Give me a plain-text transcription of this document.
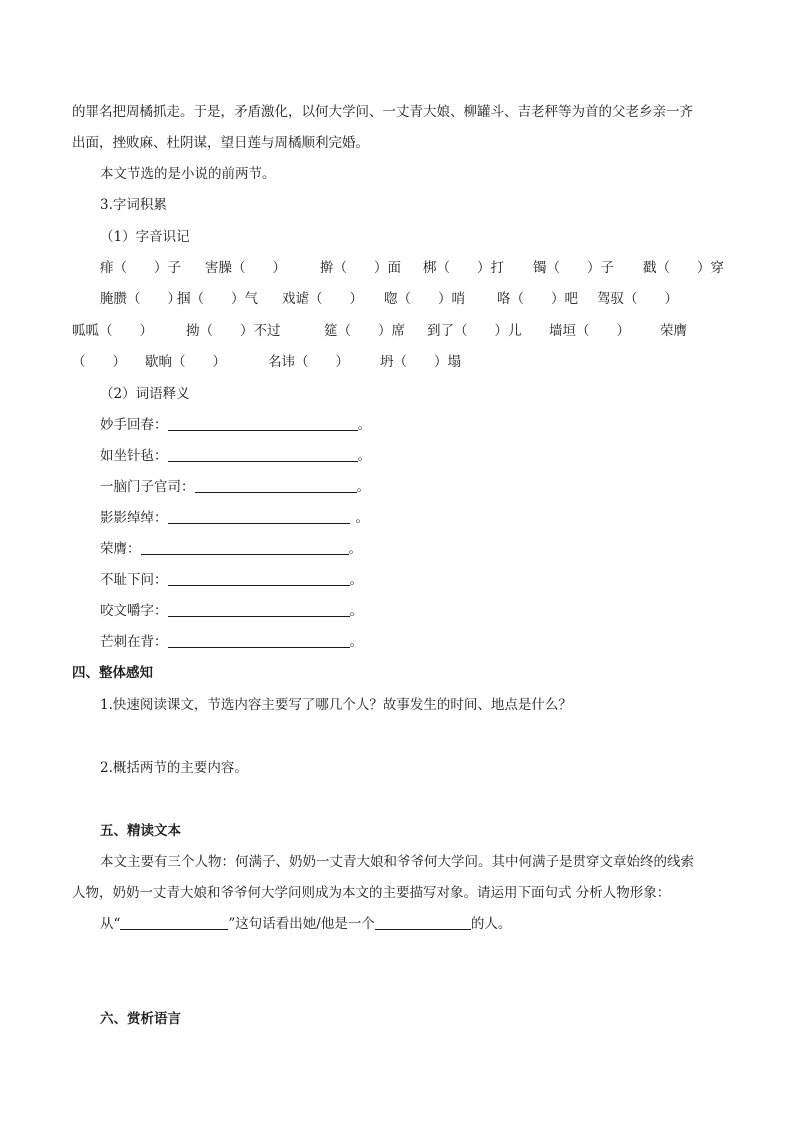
的罪名把周橘抓走。于是，矛盾激化，以何大学问、一丈青大娘、柳罐斗、吉老秤等为首的父老乡亲一齐
出面，挫败麻、杜阴谋，望日莲与周橘顺利完婚。
本文节选的是小说的前两节。
3.字词积累
（1）字音识记
痱（　　）子 害臊（　　）	擀（　　）面 梆（　　）打 镯（　　）子 戳（　　）穿
腌臜（　　）
掴（　　）气 戏谑（　　） 唿（　　）哨 咯（　　）吧 驾驭（　　）
呱呱（　　） 拗（　　）不过	筵（　　）席 到了（　　）儿 墙垣（　　） 荣膺
（　　） 歇晌（　　）	名讳（　　） 坍（　　）塌
（2）词语释义
妙手回春：	。
如坐针毡：	。
一脑门子官司：	。
影影绰绰：	。
荣膺：	。
不耻下问：	。
咬文嚼字：	。
芒刺在背：	。
四、整体感知
1.快速阅读课文，节选内容主要写了哪几个人？故事发生的时间、地点是什么？
2.概括两节的主要内容。
五、精读文本
本文主要有三个人物：何满子、奶奶一丈青大娘和爷爷何大学问。其中何满子是贯穿文章始终的线索
人物，奶奶一丈青大娘和爷爷何大学问则成为本文的主要描写对象。请运用下面句式 分析人物形象：
从“	”这句话看出她/他是一个	的人。
六、赏析语言
